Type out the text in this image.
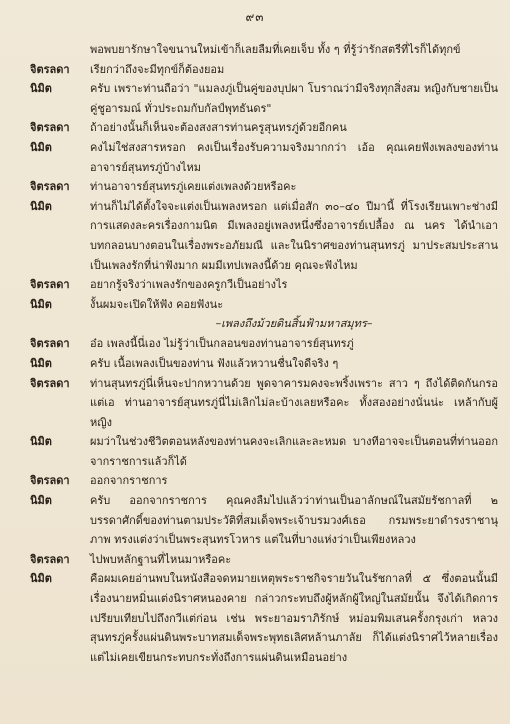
๙๓
พอพบยารักษาใจขนานใหม่เข้าก็เลยลืมที่เคยเจ็บ ทั้ง ๆ ที่รู้ว่ารักสตรีที่ไรก็ได้ทุกข์
จิตรลดา	เรียกว่าถึงจะมีทุกข์ก็ต้องยอม
นิมิต	ครับ เพราะท่านถือว่า "แมลงภู่เป็นคู่ของบุปผา โบราณว่ามีจริงทุกสิ่งสม หญิงกับชายเป็นคู่ชูอารมณ์ ทั่วประถมกับกัลป์พุทธันดร"
จิตรลดา	ถ้าอย่างนั้นก็เห็นจะต้องสงสารท่านครูสุนทรภู่ด้วยอีกคน
นิมิต	คงไม่ใช่สงสารหรอก คงเป็นเรื่องรับความจริงมากกว่า เอ้อ คุณเคยฟังเพลงของท่านอาจารย์สุนทรภู่บ้างไหม
จิตรลดา	ท่านอาจารย์สุนทรภู่เคยแต่งเพลงด้วยหรือคะ
นิมิต	ท่านก็ไม่ได้ตั้งใจจะแต่งเป็นเพลงหรอก แต่เมื่อสัก ๓๐–๔๐ ปีมานี้ ที่โรงเรียนเพาะช่างมีการแสดงละครเรื่องกามนิต มีเพลงอยู่เพลงหนึ่งซึ่งอาจารย์เปลื้อง ณ นคร ได้นำเอาบทกลอนบางตอนในเรื่องพระอภัยมณี และในนิราศของท่านสุนทรภู่ มาประสมประสานเป็นเพลงรักที่น่าฟังมาก ผมมีเทปเพลงนี้ด้วย คุณจะฟังไหม
จิตรลดา	อยากรู้จริงว่าเพลงรักของครูกวีเป็นอย่างไร
นิมิต	งั้นผมจะเปิดให้ฟัง คอยฟังนะ
–เพลงถึงม้วยดินสิ้นฟ้ามหาสมุทร–
จิตรลดา	อ๋อ เพลงนี้นี่เอง ไม่รู้ว่าเป็นกลอนของท่านอาจารย์สุนทรภู่
นิมิต	ครับ เนื้อเพลงเป็นของท่าน ฟังแล้วหวานชื่นใจดีจริง ๆ
จิตรลดา	ท่านสุนทรภู่นี่เห็นจะปากหวานด้วย พูดจาคารมคงจะพริ้งเพราะ สาว ๆ ถึงได้ติดกันกรอ แต่เอ ท่านอาจารย์สุนทรภู่นี่ไม่เลิกไม่ละบ้างเลยหรือคะ ทั้งสองอย่างนั่นน่ะ เหล้ากับผู้หญิง
นิมิต	ผมว่าในช่วงชีวิตตอนหลังของท่านคงจะเลิกและละหมด บางทีอาจจะเป็นตอนที่ท่านออกจากราชการแล้วก็ได้
จิตรลดา	ออกจากราชการ
นิมิต	ครับ ออกจากราชการ คุณคงลืมไปแล้วว่าท่านเป็นอาลักษณ์ในสมัยรัชกาลที่ ๒ บรรดาศักดิ์ของท่านตามประวัติที่สมเด็จพระเจ้าบรมวงศ์เธอ กรมพระยาดำรงราชานุภาพ ทรงแต่งว่าเป็นพระสุนทรโวหาร แต่ในที่บางแห่งว่าเป็นเพียงหลวง
จิตรลดา	ไปพบหลักฐานที่ไหนมาหรือคะ
นิมิต	คือผมเคยอ่านพบในหนังสือจดหมายเหตุพระราชกิจรายวันในรัชกาลที่ ๕ ซึ่งตอนนั้นมีเรื่องนายหมิ่นแต่งนิราศหนองคาย กล่าวกระทบถึงผู้หลักผู้ใหญ่ในสมัยนั้น จึงได้เกิดการเปรียบเทียบไปถึงกวีแต่ก่อน เช่น พระยาอมราภิรักษ์ หม่อมพิมเสนครั้งกรุงเก่า หลวงสุนทรภู่ครั้งแผ่นดินพระบาทสมเด็จพระพุทธเลิศหล้านภาลัย ก็ได้แต่งนิราศไว้หลายเรื่อง แต่ไม่เคยเขียนกระทบกระทั่งถึงการแผ่นดินเหมือนอย่าง
